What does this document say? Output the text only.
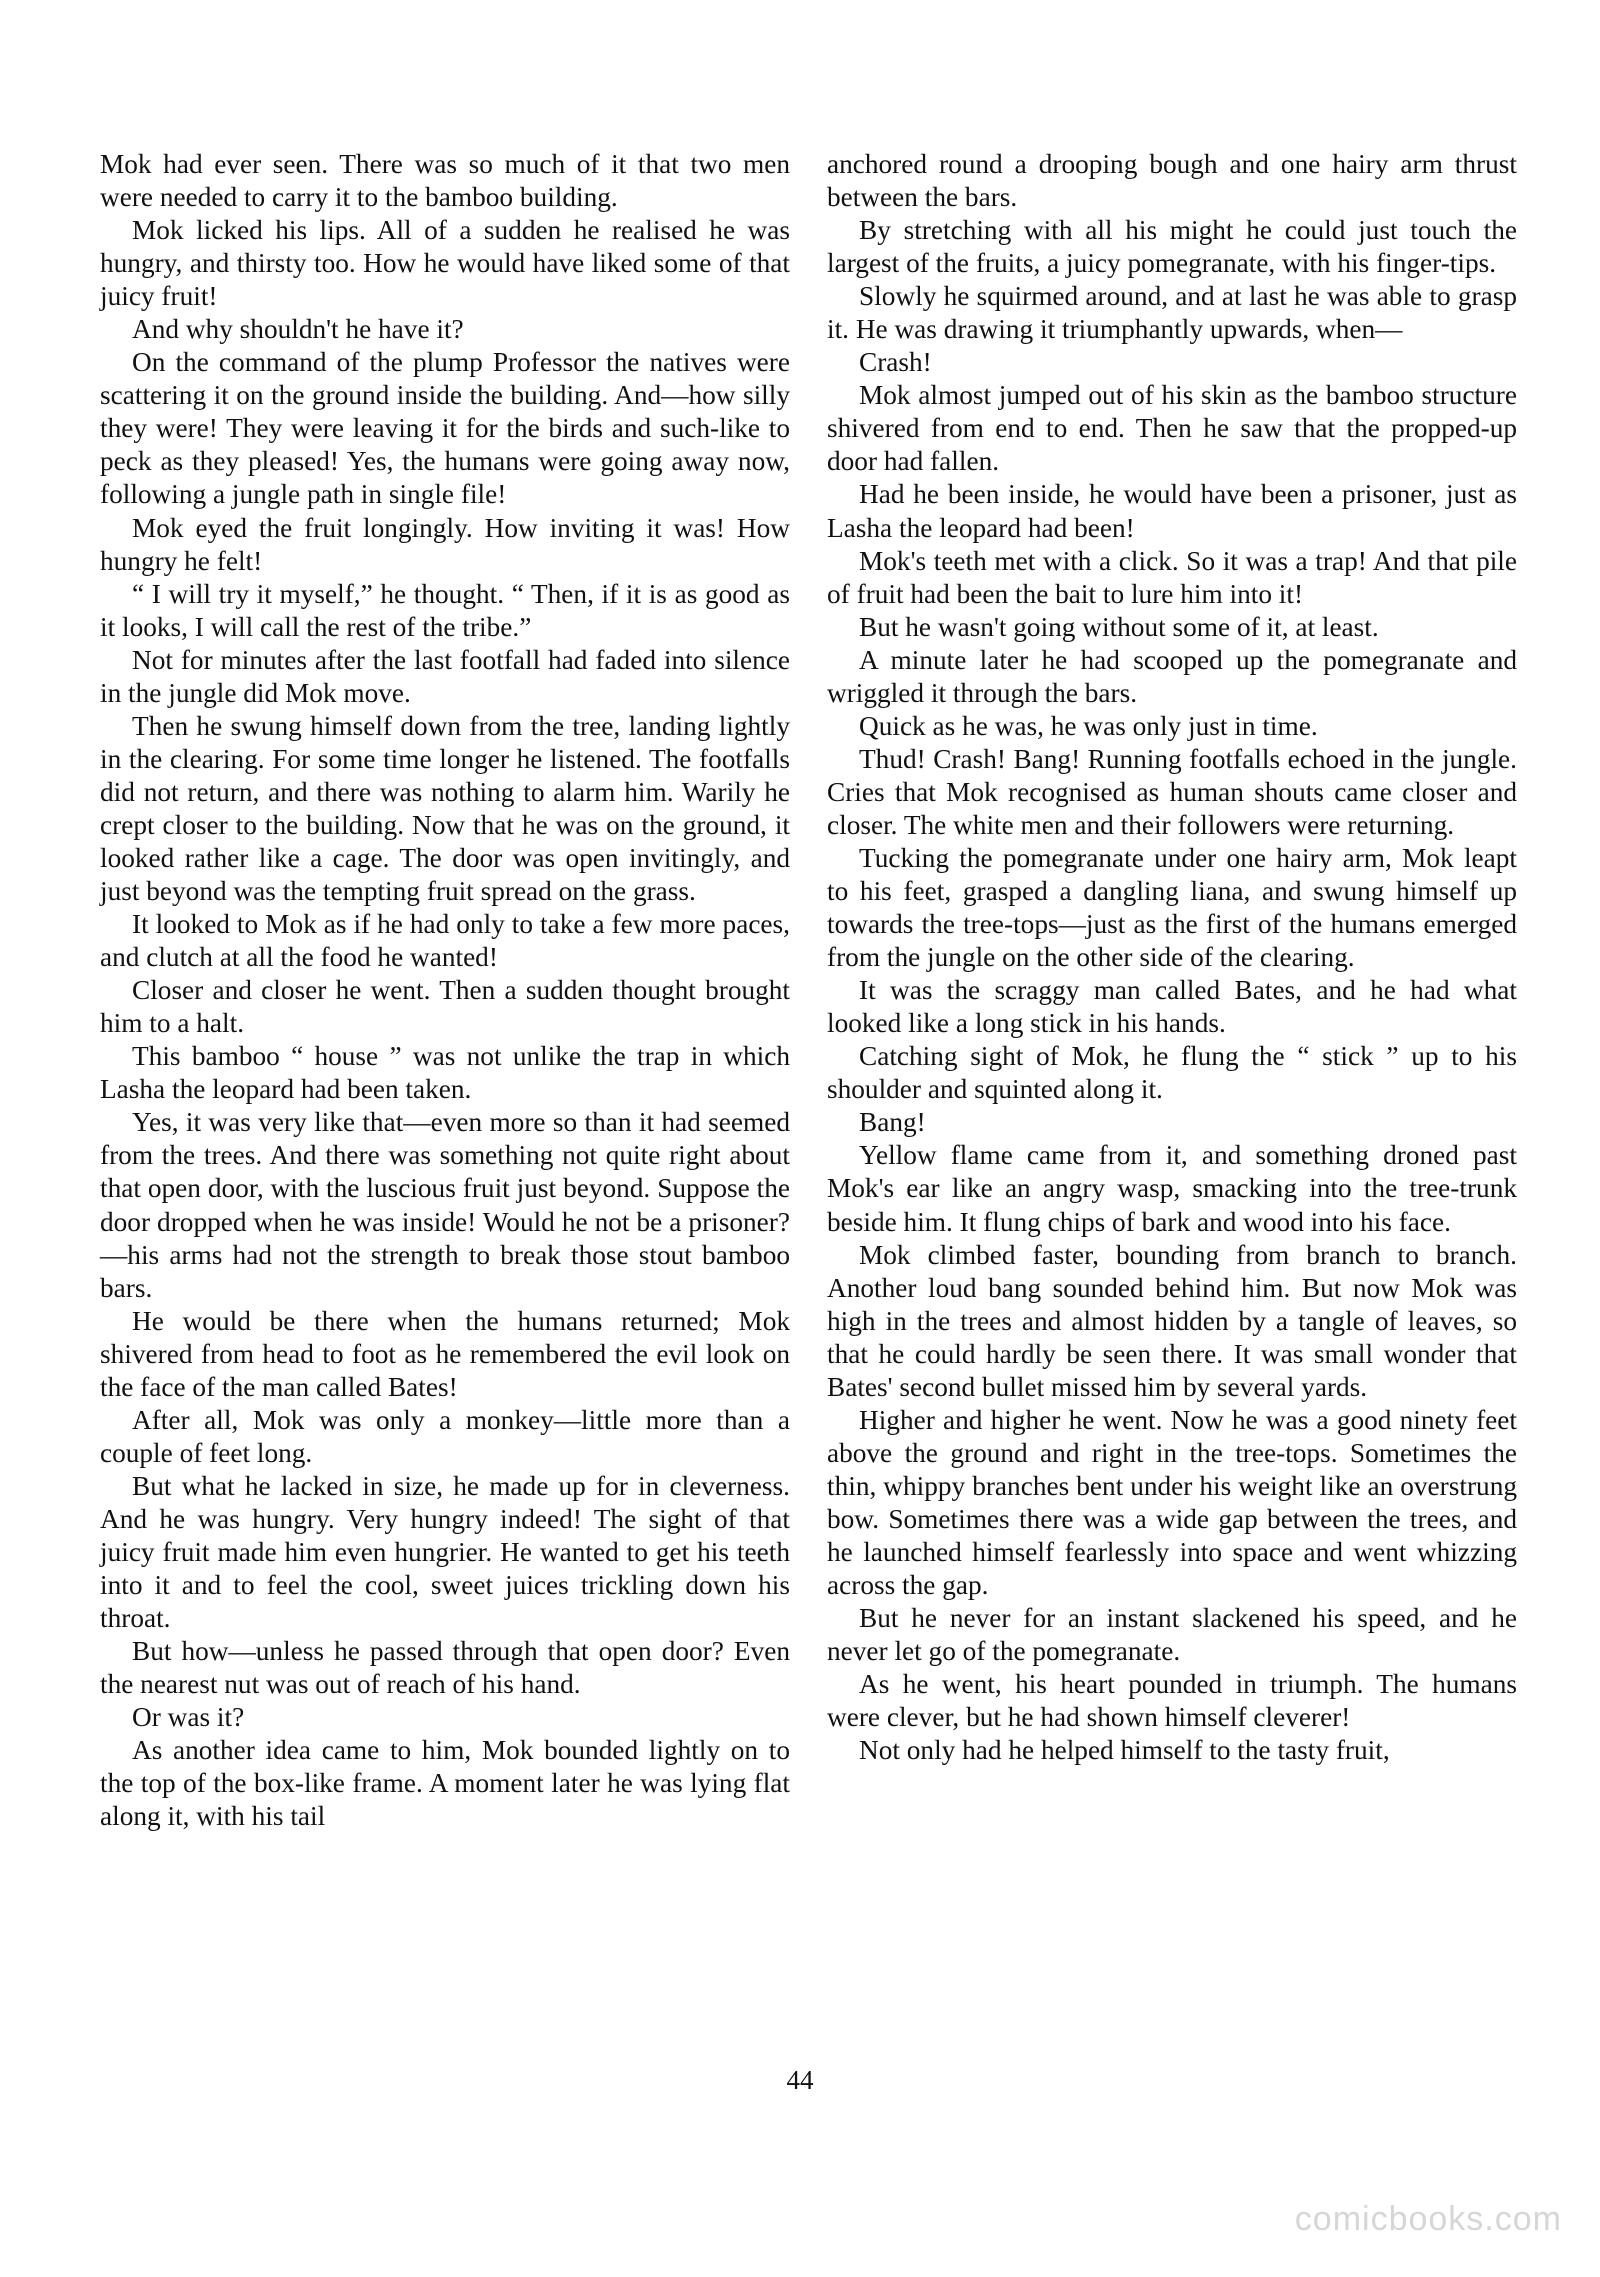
Mok had ever seen. There was so much of it that two men were needed to carry it to the bamboo building.

Mok licked his lips. All of a sudden he realised he was hungry, and thirsty too. How he would have liked some of that juicy fruit!

And why shouldn't he have it?

On the command of the plump Professor the natives were scattering it on the ground inside the building. And—how silly they were! They were leaving it for the birds and such-like to peck as they pleased! Yes, the humans were going away now, following a jungle path in single file!

Mok eyed the fruit longingly. How inviting it was! How hungry he felt!

“ I will try it myself,” he thought. “ Then, if it is as good as it looks, I will call the rest of the tribe.”

Not for minutes after the last footfall had faded into silence in the jungle did Mok move.

Then he swung himself down from the tree, landing lightly in the clearing. For some time longer he listened. The footfalls did not return, and there was nothing to alarm him. Warily he crept closer to the building. Now that he was on the ground, it looked rather like a cage. The door was open invitingly, and just beyond was the tempting fruit spread on the grass.

It looked to Mok as if he had only to take a few more paces, and clutch at all the food he wanted!

Closer and closer he went. Then a sudden thought brought him to a halt.

This bamboo “ house ” was not unlike the trap in which Lasha the leopard had been taken.

Yes, it was very like that—even more so than it had seemed from the trees. And there was something not quite right about that open door, with the luscious fruit just beyond. Suppose the door dropped when he was inside! Would he not be a prisoner?—his arms had not the strength to break those stout bamboo bars.

He would be there when the humans returned; Mok shivered from head to foot as he remembered the evil look on the face of the man called Bates!

After all, Mok was only a monkey—little more than a couple of feet long.

But what he lacked in size, he made up for in cleverness. And he was hungry. Very hungry indeed! The sight of that juicy fruit made him even hungrier. He wanted to get his teeth into it and to feel the cool, sweet juices trickling down his throat.

But how—unless he passed through that open door? Even the nearest nut was out of reach of his hand.

Or was it?

As another idea came to him, Mok bounded lightly on to the top of the box-like frame. A moment later he was lying flat along it, with his tail

anchored round a drooping bough and one hairy arm thrust between the bars.

By stretching with all his might he could just touch the largest of the fruits, a juicy pomegranate, with his finger-tips.

Slowly he squirmed around, and at last he was able to grasp it. He was drawing it triumphantly upwards, when—

Crash!

Mok almost jumped out of his skin as the bamboo structure shivered from end to end. Then he saw that the propped-up door had fallen.

Had he been inside, he would have been a prisoner, just as Lasha the leopard had been!

Mok's teeth met with a click. So it was a trap! And that pile of fruit had been the bait to lure him into it!

But he wasn't going without some of it, at least.

A minute later he had scooped up the pomegranate and wriggled it through the bars.

Quick as he was, he was only just in time.

Thud! Crash! Bang! Running footfalls echoed in the jungle. Cries that Mok recognised as human shouts came closer and closer. The white men and their followers were returning.

Tucking the pomegranate under one hairy arm, Mok leapt to his feet, grasped a dangling liana, and swung himself up towards the tree-tops—just as the first of the humans emerged from the jungle on the other side of the clearing.

It was the scraggy man called Bates, and he had what looked like a long stick in his hands.

Catching sight of Mok, he flung the “ stick ” up to his shoulder and squinted along it.

Bang!

Yellow flame came from it, and something droned past Mok's ear like an angry wasp, smacking into the tree-trunk beside him. It flung chips of bark and wood into his face.

Mok climbed faster, bounding from branch to branch. Another loud bang sounded behind him. But now Mok was high in the trees and almost hidden by a tangle of leaves, so that he could hardly be seen there. It was small wonder that Bates' second bullet missed him by several yards.

Higher and higher he went. Now he was a good ninety feet above the ground and right in the tree-tops. Sometimes the thin, whippy branches bent under his weight like an overstrung bow. Sometimes there was a wide gap between the trees, and he launched himself fearlessly into space and went whizzing across the gap.

But he never for an instant slackened his speed, and he never let go of the pomegranate.

As he went, his heart pounded in triumph. The humans were clever, but he had shown himself cleverer!

Not only had he helped himself to the tasty fruit,

44
comicbooks.com
